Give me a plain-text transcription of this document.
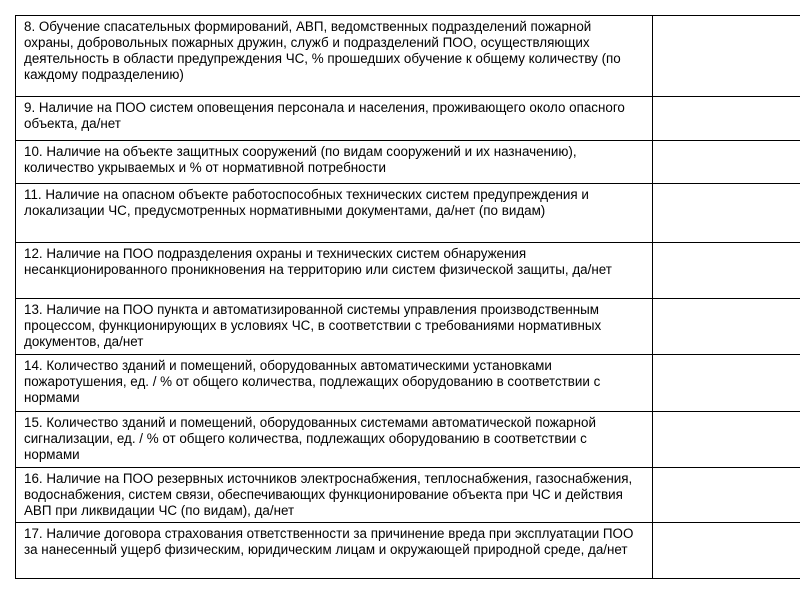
8. Обучение спасательных формирований, АВП, ведомственных подразделений пожарной охраны, добровольных пожарных дружин, служб и подразделений ПОО, осуществляющих деятельность в области предупреждения ЧС, % прошедших обучение к общему количеству (по каждому подразделению)	
9. Наличие на ПОО систем оповещения персонала и населения, проживающего около опасного объекта, да/нет	
10. Наличие на объекте защитных сооружений (по видам сооружений и их назначению), количество укрываемых и % от нормативной потребности	
11. Наличие на опасном объекте работоспособных технических систем предупреждения и локализации ЧС, предусмотренных нормативными документами, да/нет (по видам)	
12. Наличие на ПОО подразделения охраны и технических систем обнаружения несанкционированного проникновения на территорию или систем физической защиты, да/нет	
13. Наличие на ПОО пункта и автоматизированной системы управления производственным процессом, функционирующих в условиях ЧС, в соответствии с требованиями нормативных документов, да/нет	
14. Количество зданий и помещений, оборудованных автоматическими установками пожаротушения, ед. / % от общего количества, подлежащих оборудованию в соответствии с нормами	
15. Количество зданий и помещений, оборудованных системами автоматической пожарной сигнализации, ед. / % от общего количества, подлежащих оборудованию в соответствии с нормами	
16. Наличие на ПОО резервных источников электроснабжения, теплоснабжения, газоснабжения, водоснабжения, систем связи, обеспечивающих функционирование объекта при ЧС и действия АВП при ликвидации ЧС (по видам), да/нет	
17. Наличие договора страхования ответственности за причинение вреда при эксплуатации ПОО за нанесенный ущерб физическим, юридическим лицам и окружающей природной среде, да/нет	
